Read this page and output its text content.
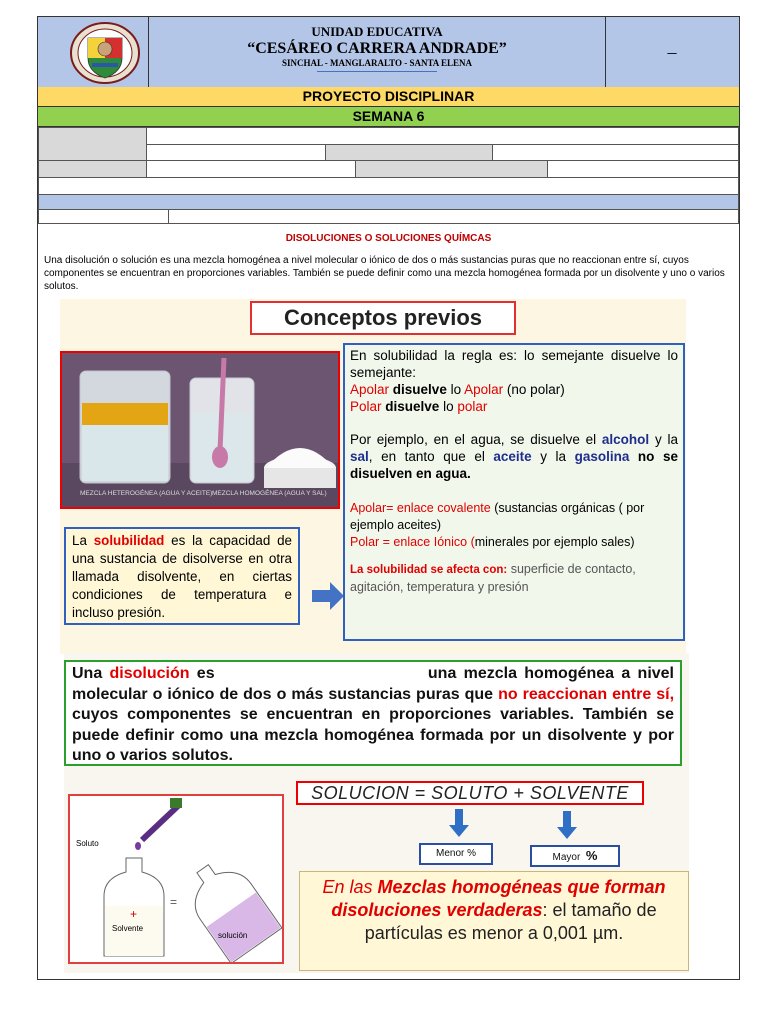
UNIDAD EDUCATIVA
“CESÁREO CARRERA ANDRADE”
SINCHAL - MANGLARALTO - SANTA ELENA
–
PROYECTO DISCIPLINAR
SEMANA 6
DISOLUCIONES O SOLUCIONES QUÍMCAS
Una disolución o solución es una mezcla homogénea a nivel molecular o iónico de dos o más sustancias puras que no reaccionan entre sí, cuyos componentes se encuentran en proporciones variables. También se puede definir como una mezcla homogénea formada por un disolvente y uno o varios solutos.
Conceptos previos
MEZCLA HETEROGÉNEA (AGUA Y ACEITE) MEZCLA HOMOGÉNEA (AGUA Y SAL)
La solubilidad es la capacidad de una sustancia de disolverse en otra llamada disolvente, en ciertas condiciones de temperatura e incluso presión.

En solubilidad la regla es: lo semejante disuelve lo semejante:

Apolar disuelve lo Apolar (no polar)

Polar disuelve lo polar

Por ejemplo, en el agua, se disuelve el alcohol y la sal, en tanto que el aceite y la gasolina no se disuelven en agua.

Apolar= enlace covalente (sustancias orgánicas ( por ejemplo aceites)

Polar = enlace Iónico (minerales por ejemplo sales)

La solubilidad se afecta con: superficie de contacto, agitación, temperatura y presión

Una disolución es	una mezcla homogénea a nivel molecular o iónico de dos o más sustancias puras que no reaccionan entre sí, cuyos componentes se encuentran en proporciones variables. También se puede definir como una mezcla homogénea formada por un disolvente y por uno o varios solutos.
SOLUCION = SOLUTO + SOLVENTE
Menor %	Mayor %
Soluto
+
Solvente
=
solución
En las Mezclas homogéneas que forman disoluciones verdaderas: el tamaño de partículas es menor a 0,001 µm.
